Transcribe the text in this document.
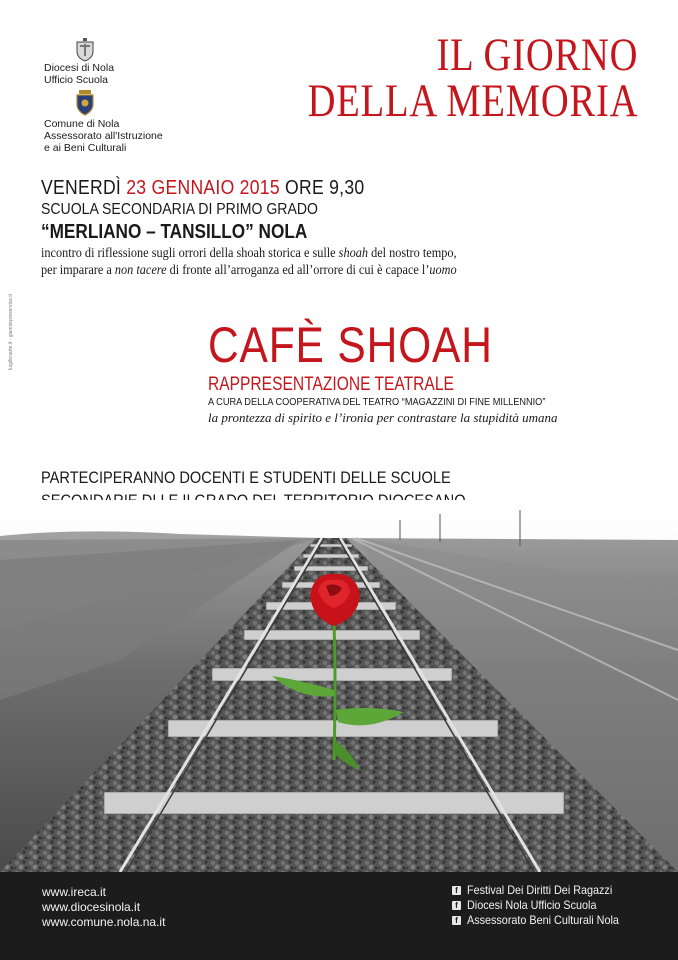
Diocesi di Nola
Ufficio Scuola
Comune di Nola
Assessorato all'Istruzione
e ai Beni Culturali
IL GIORNO
DELLA MEMORIA
VENERDÌ 23 GENNAIO 2015 ORE 9,30
SCUOLA SECONDARIA DI PRIMO GRADO
“MERLIANO – TANSILLO” NOLA
incontro di riflessione sugli orrori della shoah storica e sulle shoah del nostro tempo,
per imparare a non tacere di fronte all’arroganza ed all’orrore di cui è capace l’uomo
luigifenarte.it - gianniepreservice.it	CAFÈ SHOAH
RAPPRESENTAZIONE TEATRALE
A CURA DELLA COOPERATIVA DEL TEATRO “MAGAZZINI DI FINE MILLENNIO”
la prontezza di spirito e l’ironia per contrastare la stupidità umana
PARTECIPERANNO DOCENTI E STUDENTI DELLE SCUOLE
www.ireca.it
www.diocesinola.it
www.comune.nola.na.it
f Festival Dei Diritti Dei Ragazzi
f Diocesi Nola Ufficio Scuola
f Assessorato Beni Culturali Nola
